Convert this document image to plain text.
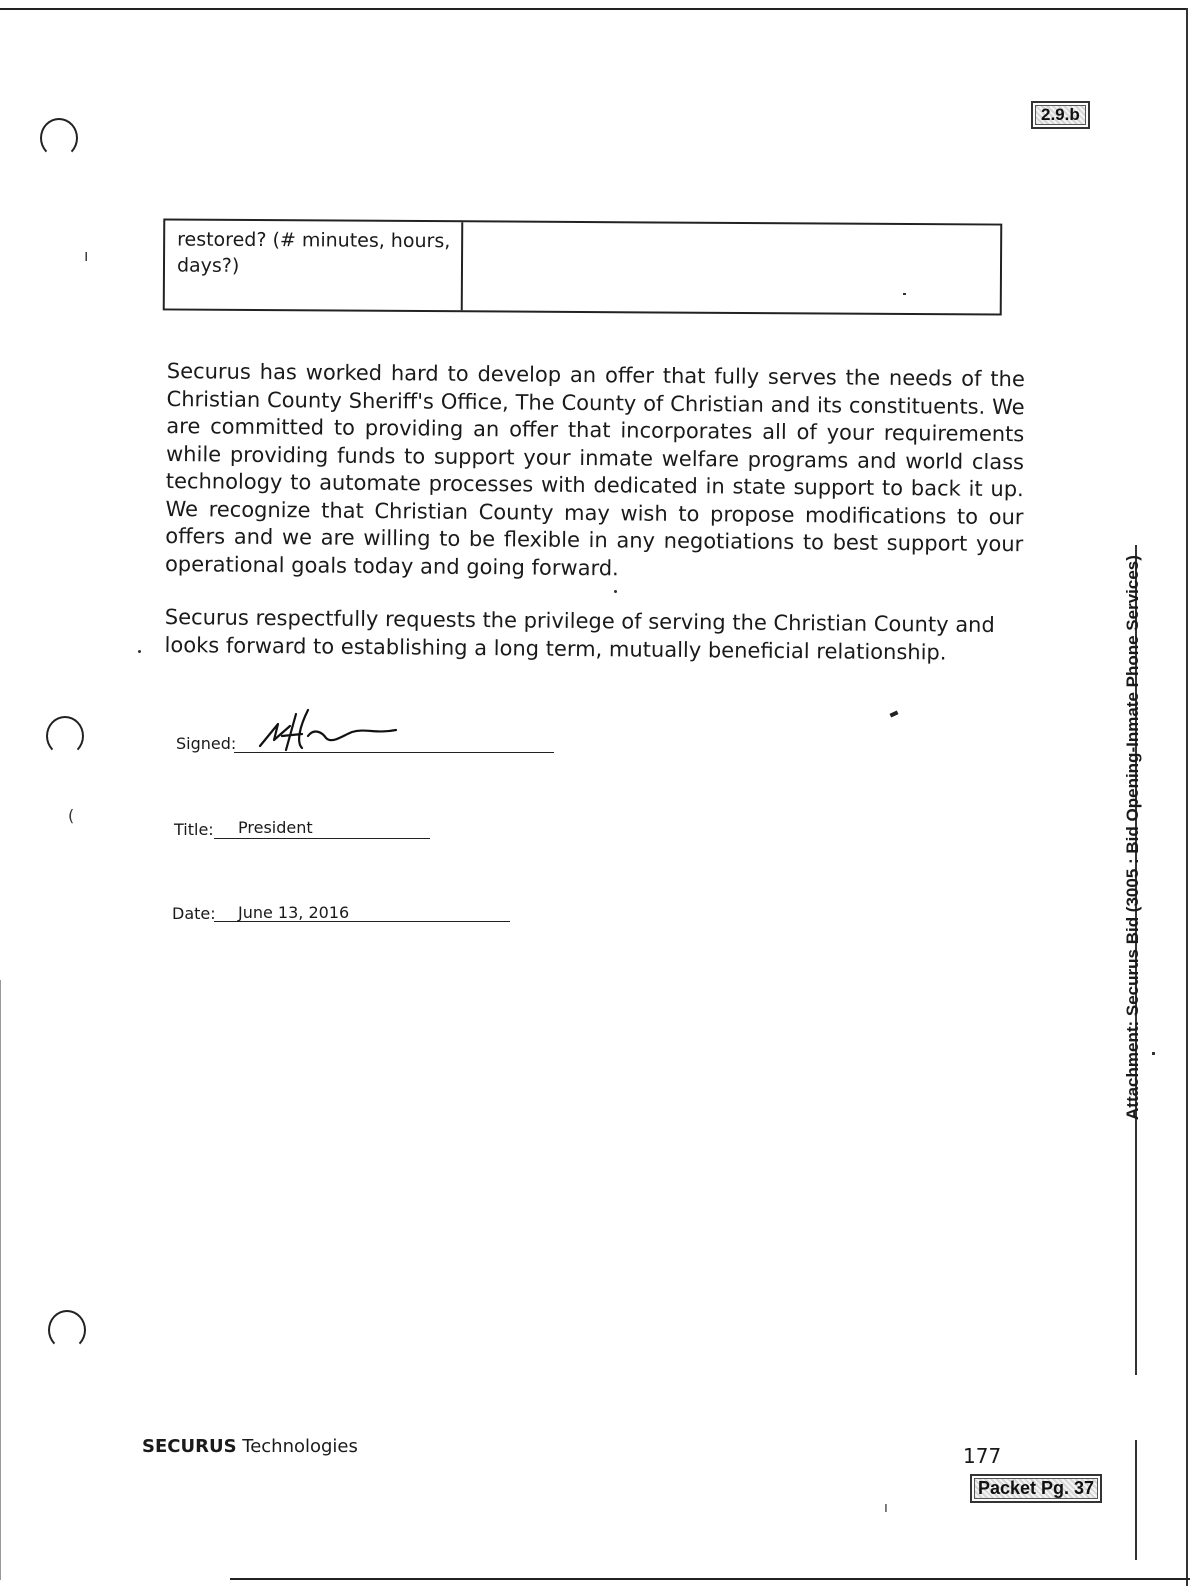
ı
(
2.9.b
restored? (# minutes, hours, days?)
Securus has worked hard to develop an offer that fully serves the needs of the Christian County Sheriff's Office, The County of Christian and its constituents. We are committed to providing an offer that incorporates all of your requirements while providing funds to support your inmate welfare programs and world class technology to automate processes with dedicated in state support to back it up. We recognize that Christian County may wish to propose modifications to our offers and we are willing to be flexible in any negotiations to best support your operational goals today and going forward.
Securus respectfully requests the privilege of serving the Christian County and looks forward to establishing a long term, mutually beneficial relationship.
Signed:
Title: President
Date: June 13, 2016	Attachment: Securus Bid (3005 : Bid Opening-Inmate Phone Services)
SECURUS Technologies	177
Packet Pg. 37
ı
